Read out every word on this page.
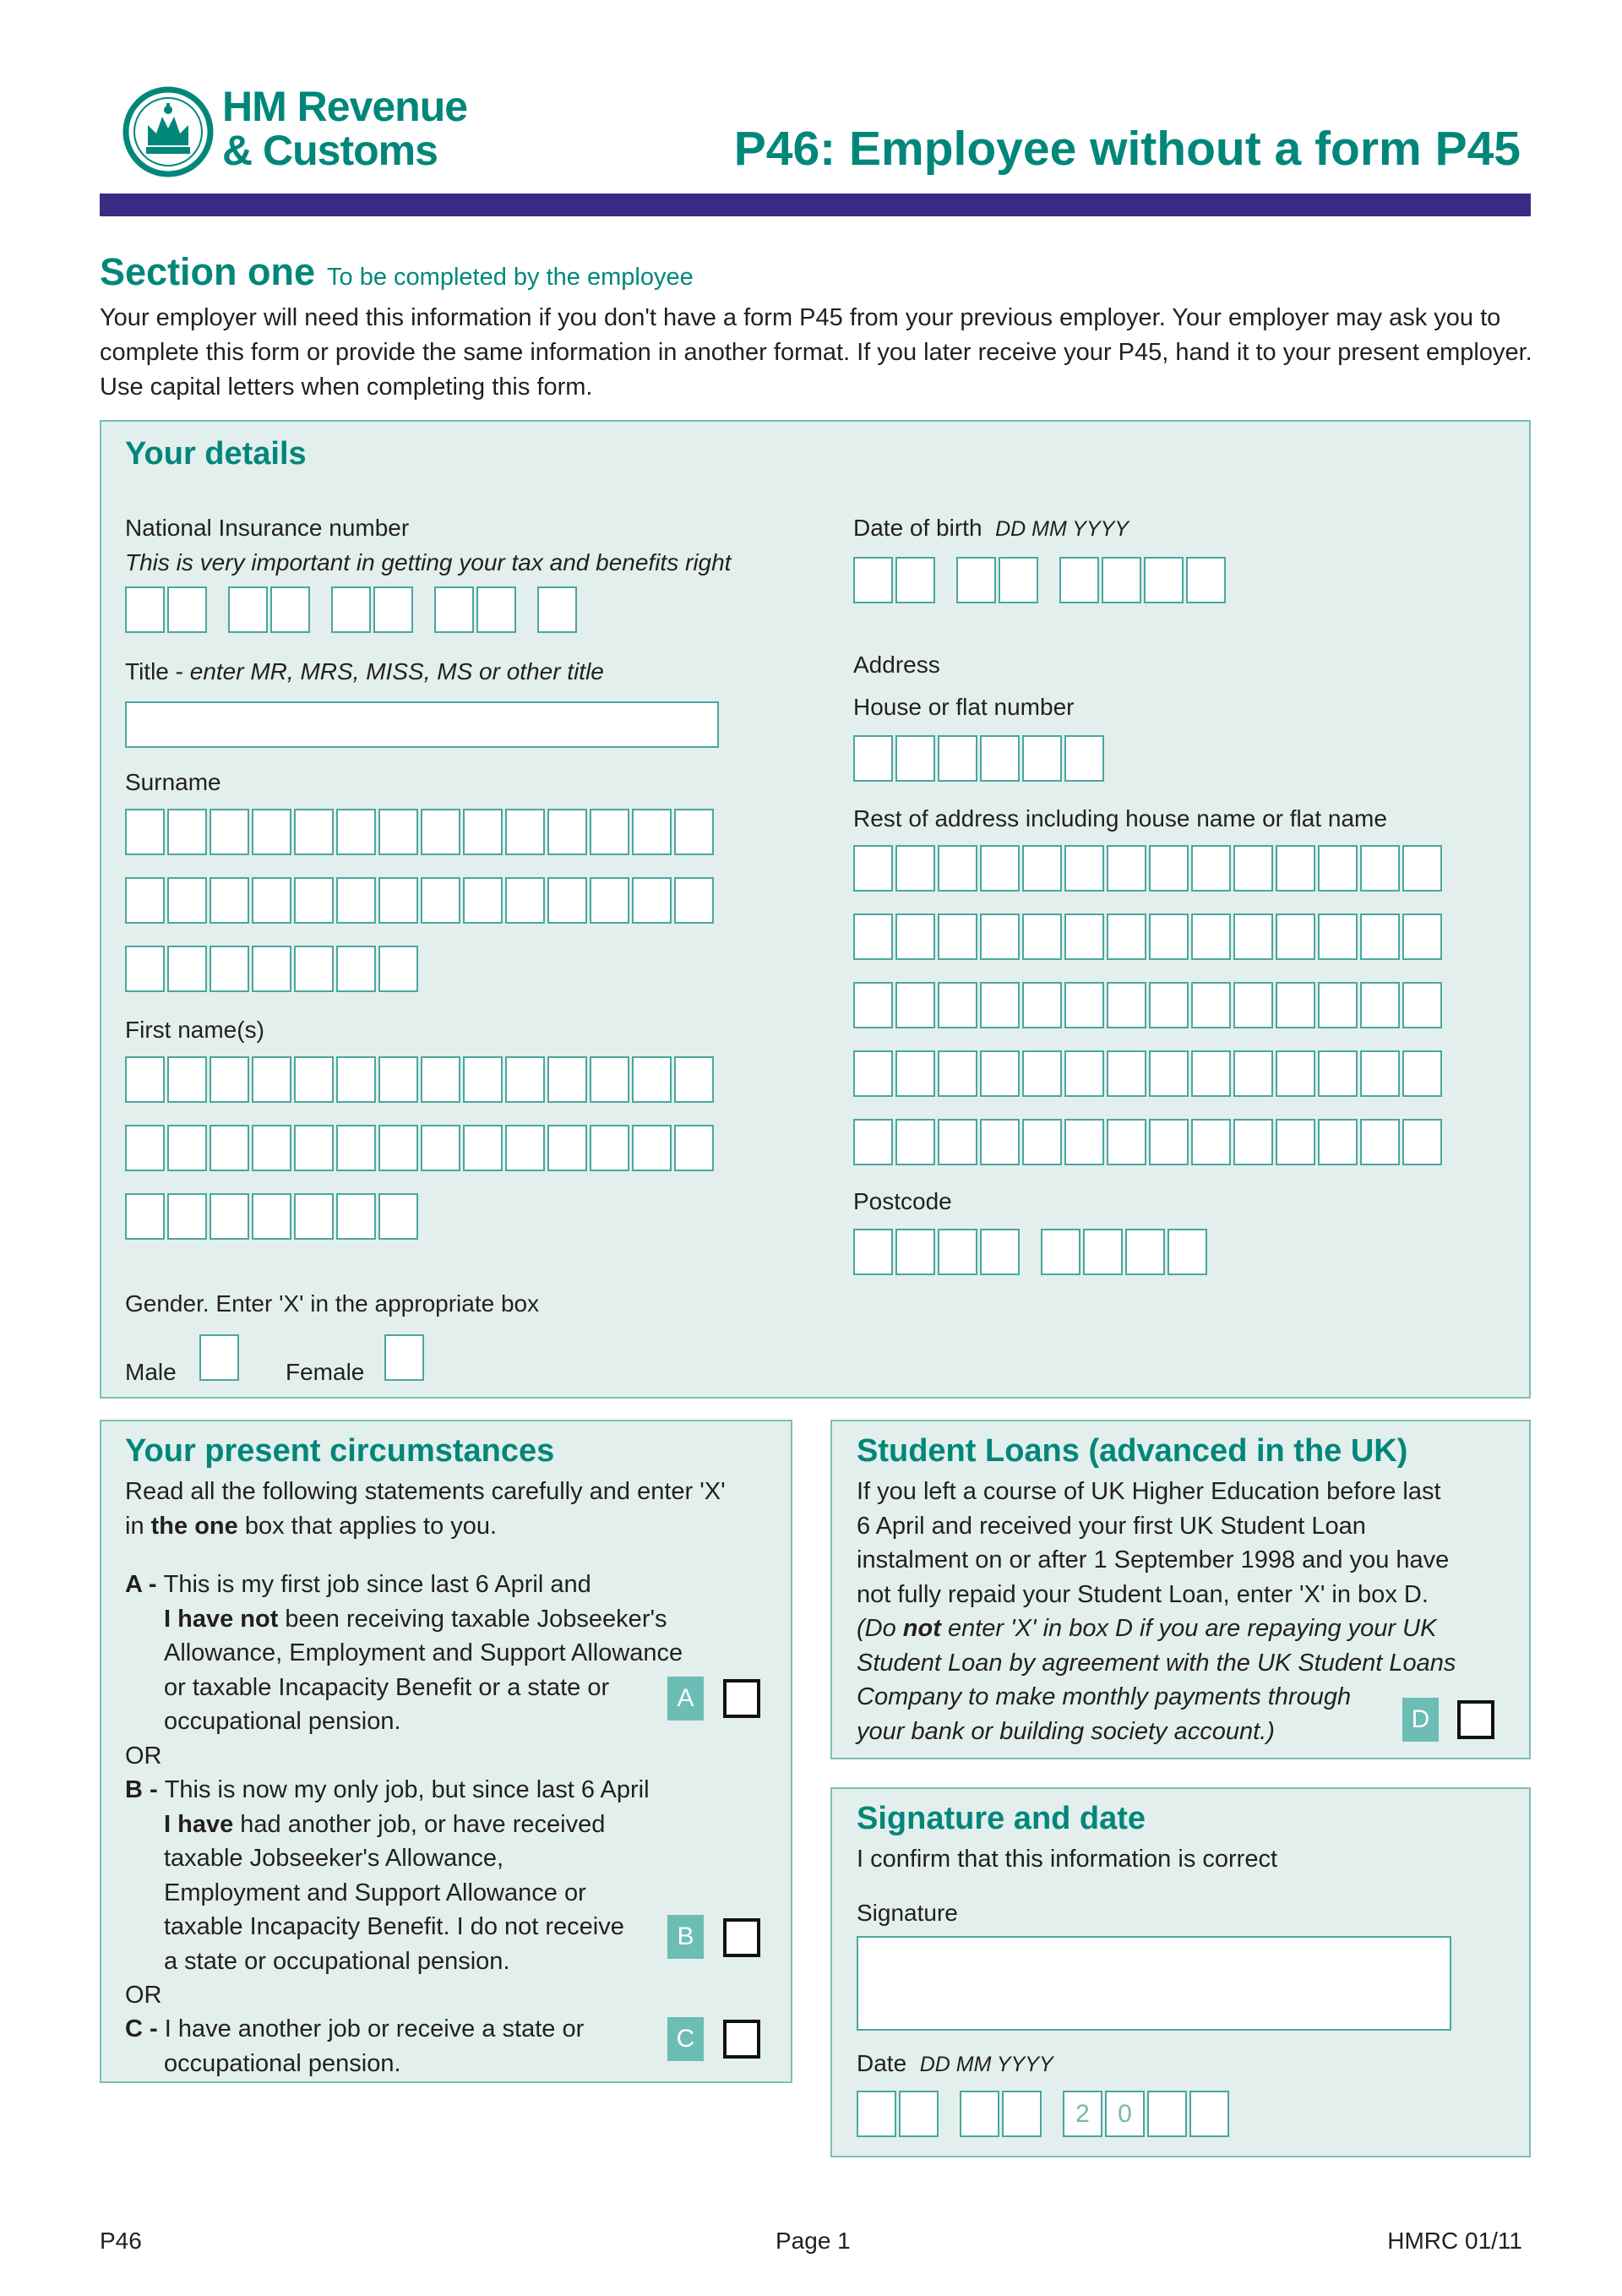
HM Revenue
& Customs	P46: Employee without a form P45
Section one To be completed by the employee
Your employer will need this information if you don't have a form P45 from your previous employer. Your employer may ask you to complete this form or provide the same information in another format. If you later receive your P45, hand it to your present employer. Use capital letters when completing this form.
Your details
National Insurance number
This is very important in getting your tax and benefits right
Title - enter MR, MRS, MISS, MS or other title
Surname
First name(s)
Gender. Enter 'X' in the appropriate box
Male	Female
Date of birth DD MM YYYY
Address
House or flat number
Rest of address including house name or flat name
Postcode
Your present circumstances
Read all the following statements carefully and enter 'X'
in the one box that applies to you.
A - This is my first job since last 6 April and
I have not been receiving taxable Jobseeker's
Allowance, Employment and Support Allowance
or taxable Incapacity Benefit or a state or
occupational pension.
A
OR
B - This is now my only job, but since last 6 April
I have had another job, or have received
taxable Jobseeker's Allowance,
Employment and Support Allowance or
taxable Incapacity Benefit. I do not receive
a state or occupational pension.
B
OR
C - I have another job or receive a state or
occupational pension.
C
Student Loans (advanced in the UK)
If you left a course of UK Higher Education before last
6 April and received your first UK Student Loan
instalment on or after 1 September 1998 and you have
not fully repaid your Student Loan, enter 'X' in box D.
(Do not enter 'X' in box D if you are repaying your UK
Student Loan by agreement with the UK Student Loans
Company to make monthly payments through
your bank or building society account.)	D
Signature and date
I confirm that this information is correct
Signature
Date DD MM YYYY
2	0
P46	Page 1	HMRC 01/11
